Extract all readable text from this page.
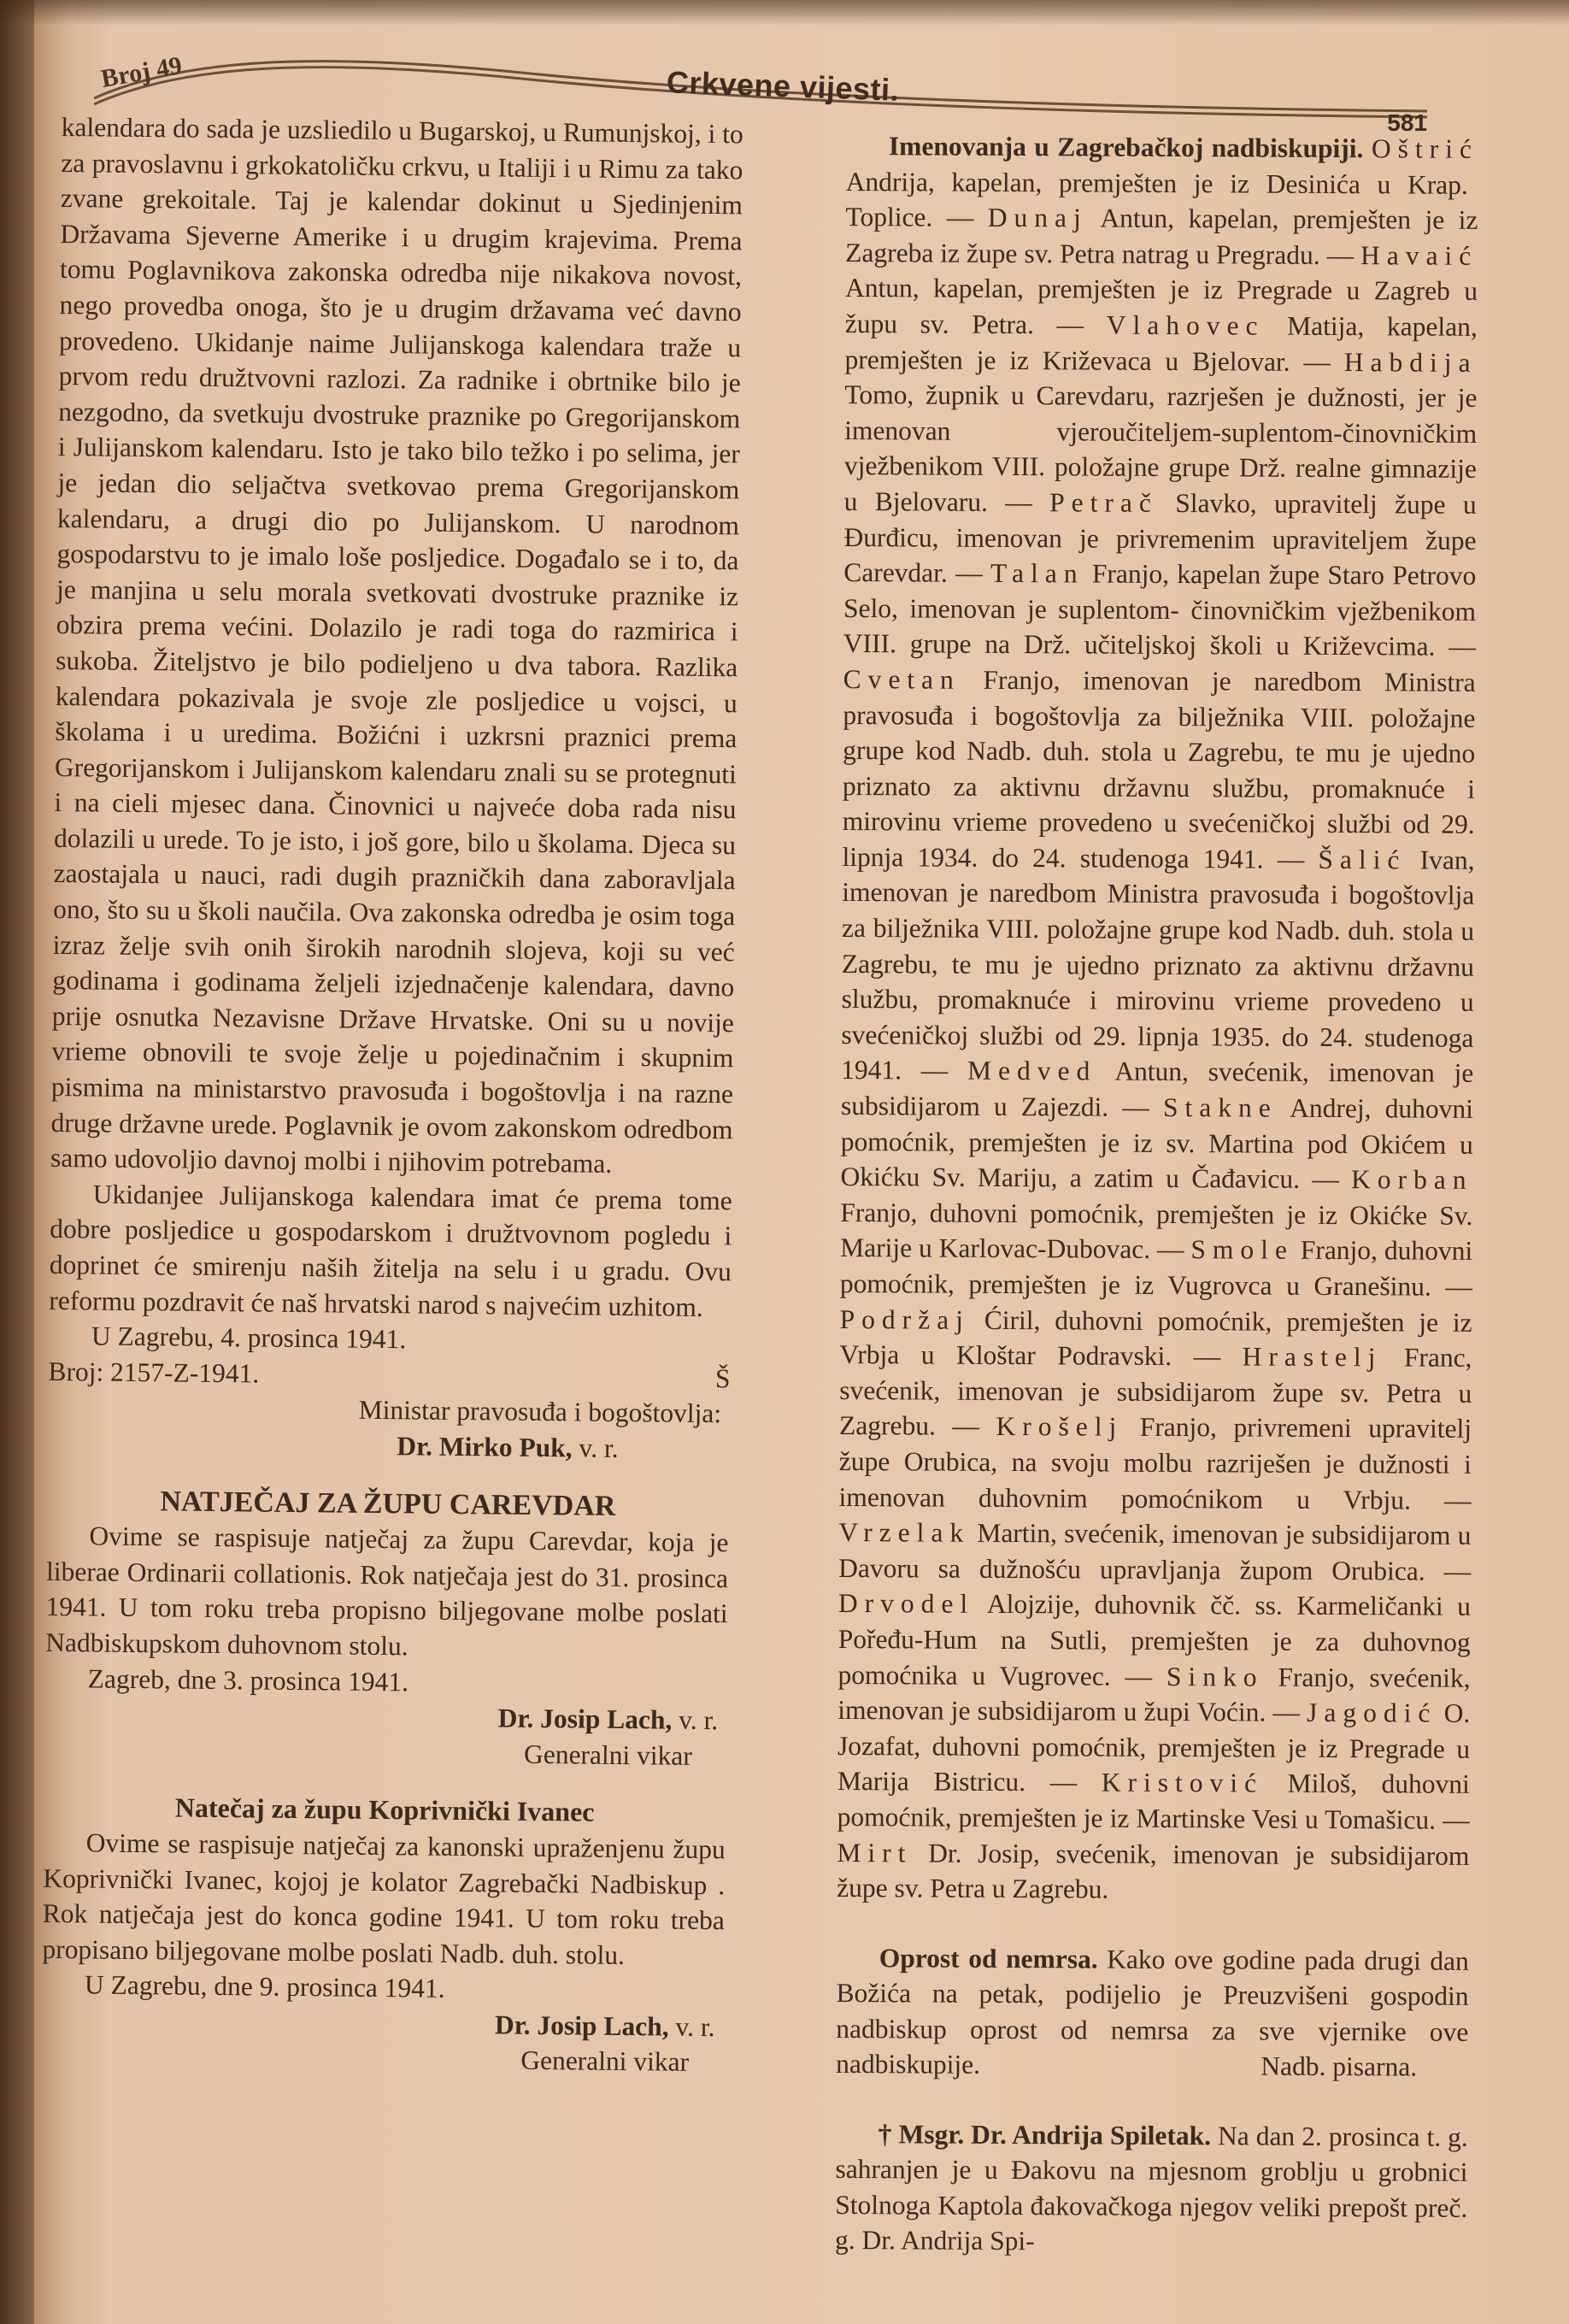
Broj 49	Crkvene vijesti.
581

kalendara do sada je uzsliedilo u Bugarskoj, u Rumunjskoj, i to za pravoslavnu i grkokatoličku crkvu, u Italiji i u Rimu za tako zvane grekoitale. Taj je kalendar dokinut u Sjedinjenim Državama Sjeverne Amerike i u drugim krajevima. Prema tomu Poglavnikova zakonska odredba nije nikakova novost, nego provedba onoga, što je u drugim državama već davno provedeno. Ukidanje naime Julijanskoga kalendara traže u prvom redu družtvovni razlozi. Za radnike i obrtnike bilo je nezgodno, da svetkuju dvostruke praznike po Gregorijanskom i Julijanskom kalendaru. Isto je tako bilo težko i po selima, jer je jedan dio seljačtva svetkovao prema Gregorijanskom kalendaru, a drugi dio po Julijanskom. U narodnom gospodarstvu to je imalo loše posljedice. Događalo se i to, da je manjina u selu morala svetkovati dvostruke praznike iz obzira prema većini. Dolazilo je radi toga do razmirica i sukoba. Žiteljstvo je bilo podieljeno u dva tabora. Razlika kalendara pokazivala je svoje zle posljedice u vojsci, u školama i u uredima. Božićni i uzkrsni praznici prema Gregorijanskom i Julijanskom kalendaru znali su se protegnuti i na cieli mjesec dana. Činovnici u najveće doba rada nisu dolazili u urede. To je isto, i još gore, bilo u školama. Djeca su zaostajala u nauci, radi dugih prazničkih dana zaboravljala ono, što su u školi naučila. Ova zakonska odredba je osim toga izraz želje svih onih širokih narodnih slojeva, koji su već godinama i godinama željeli izjednačenje kalendara, davno prije osnutka Nezavisne Države Hrvatske. Oni su u novije vrieme obnovili te svoje želje u pojedinačnim i skupnim pismima na ministarstvo pravosuđa i bogoštovlja i na razne druge državne urede. Poglavnik je ovom zakonskom odredbom samo udovoljio davnoj molbi i njihovim potrebama.

Ukidanjee Julijanskoga kalendara imat će prema tome dobre posljedice u gospodarskom i družtvovnom pogledu i doprinet će smirenju naših žitelja na selu i u gradu. Ovu reformu pozdravit će naš hrvatski narod s najvećim uzhitom.

U Zagrebu, 4. prosinca 1941.

Broj: 2157-Z-1941.	Š

Ministar pravosuđa i bogoštovlja:

Dr. Mirko Puk, v. r.

NATJEČAJ ZA ŽUPU CAREVDAR

Ovime se raspisuje natječaj za župu Carevdar, koja je liberae Ordinarii collationis. Rok natječaja jest do 31. prosinca 1941. U tom roku treba propisno biljegovane molbe poslati Nadbiskupskom duhovnom stolu.

Zagreb, dne 3. prosinca 1941.

Dr. Josip Lach, v. r.

Generalni vikar

Natečaj za župu Koprivnički Ivanec

Ovime se raspisuje natječaj za kanonski upraženjenu župu Koprivnički Ivanec, kojoj je kolator Zagrebački Nadbiskup . Rok natječaja jest do konca godine 1941. U tom roku treba propisano biljegovane molbe poslati Nadb. duh. stolu.

U Zagrebu, dne 9. prosinca 1941.

Dr. Josip Lach, v. r.

Generalni vikar

Imenovanja u Zagrebačkoj nadbiskupiji. Oštrić Andrija, kapelan, premješten je iz Desinića u Krap. Toplice. — Dunaj Antun, kapelan, premješten je iz Zagreba iz župe sv. Petra natrag u Pregradu. — Havaić Antun, kapelan, premješten je iz Pregrade u Zagreb u župu sv. Petra. — Vlahovec Matija, kapelan, premješten je iz Križevaca u Bjelovar. — Habdija Tomo, župnik u Carevdaru, razrješen je dužnosti, jer je imenovan vjeroučiteljem-suplentom-činovničkim vježbenikom VIII. položajne grupe Drž. realne gimnazije u Bjelovaru. — Petrač Slavko, upravitelj župe u Đurđicu, imenovan je privremenim upraviteljem župe Carevdar. — Talan Franjo, kapelan župe Staro Petrovo Selo, imenovan je suplentom- činovničkim vježbenikom VIII. grupe na Drž. učiteljskoj školi u Križevcima. — Cvetan Franjo, imenovan je naredbom Ministra pravosuđa i bogoštovlja za bilježnika VIII. položajne grupe kod Nadb. duh. stola u Zagrebu, te mu je ujedno priznato za aktivnu državnu službu, promaknuće i mirovinu vrieme provedeno u svećeničkoj službi od 29. lipnja 1934. do 24. studenoga 1941. — Šalić Ivan, imenovan je naredbom Ministra pravosuđa i bogoštovlja za bilježnika VIII. položajne grupe kod Nadb. duh. stola u Zagrebu, te mu je ujedno priznato za aktivnu državnu službu, promaknuće i mirovinu vrieme provedeno u svećeničkoj službi od 29. lipnja 1935. do 24. studenoga 1941. — Medved Antun, svećenik, imenovan je subsidijarom u Zajezdi. — Stakne Andrej, duhovni pomoćnik, premješten je iz sv. Martina pod Okićem u Okićku Sv. Mariju, a zatim u Čađavicu. — Korban Franjo, duhovni pomoćnik, premješten je iz Okićke Sv. Marije u Karlovac-Dubovac. — Smole Franjo, duhovni pomoćnik, premješten je iz Vugrovca u Granešinu. — Podržaj Ćiril, duhovni pomoćnik, premješten je iz Vrbja u Kloštar Podravski. — Hrastelj Franc, svećenik, imenovan je subsidijarom župe sv. Petra u Zagrebu. — Krošelj Franjo, privremeni upravitelj župe Orubica, na svoju molbu razriješen je dužnosti i imenovan duhovnim pomoćnikom u Vrbju. — Vrzelak Martin, svećenik, imenovan je subsidijarom u Davoru sa dužnošću upravljanja župom Orubica. — Drvodel Alojzije, duhovnik čč. ss. Karmeličanki u Pořeđu-Hum na Sutli, premješten je za duhovnog pomoćnika u Vugrovec. — Sinko Franjo, svećenik, imenovan je subsidijarom u župi Voćin. — Jagodić O. Jozafat, duhovni pomoćnik, premješten je iz Pregrade u Marija Bistricu. — Kristović Miloš, duhovni pomoćnik, premješten je iz Martinske Vesi u Tomašicu. — Mirt Dr. Josip, svećenik, imenovan je subsidijarom župe sv. Petra u Zagrebu.

Oprost od nemrsa. Kako ove godine pada drugi dan Božića na petak, podijelio je Preuzvišeni gospodin nadbiskup oprost od nemrsa za sve vjernike ove nadbiskupije.	Nadb. pisarna.

† Msgr. Dr. Andrija Spiletak. Na dan 2. prosinca t. g. sahranjen je u Đakovu na mjesnom groblju u grobnici Stolnoga Kaptola đakovačkoga njegov veliki prepošt preč. g. Dr. Andrija Spi-
